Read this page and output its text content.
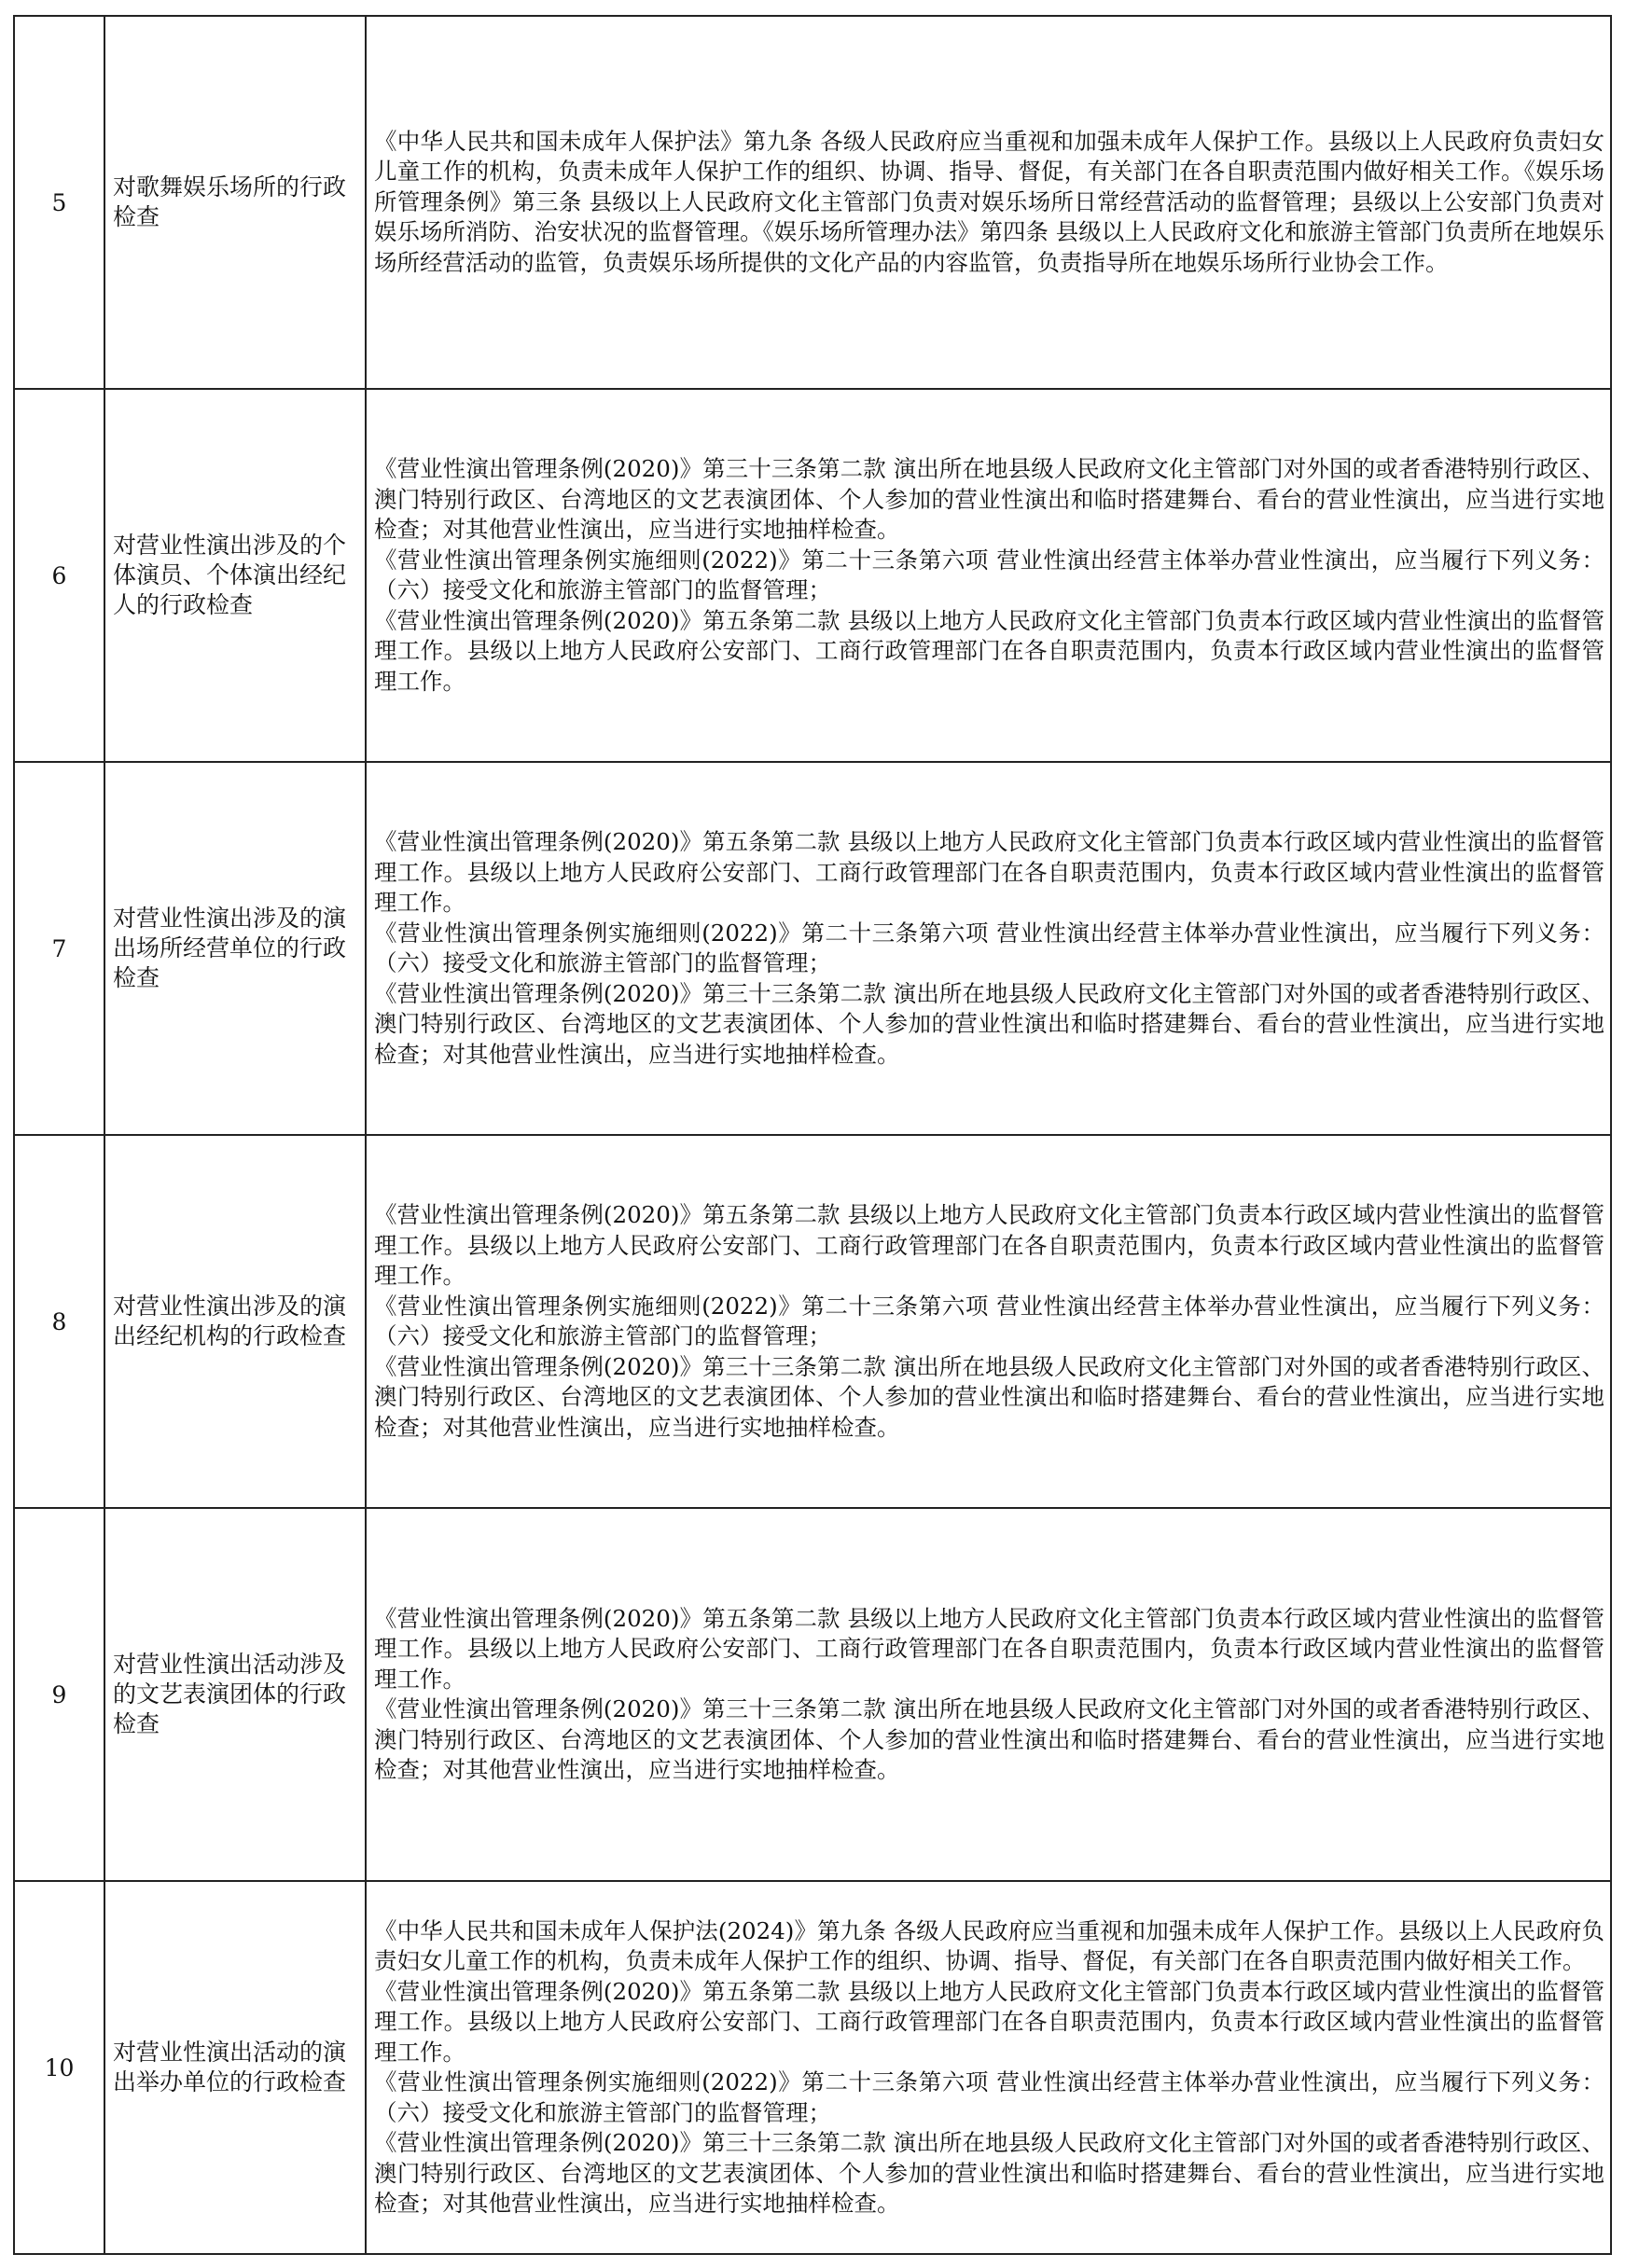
5	对歌舞娱乐场所的行政检查	《中华人民共和国未成年人保护法》第九条 各级人民政府应当重视和加强未成年人保护工作。县级以上人民政府负责妇女儿童工作的机构，负责未成年人保护工作的组织、协调、指导、督促，有关部门在各自职责范围内做好相关工作。《娱乐场所管理条例》第三条 县级以上人民政府文化主管部门负责对娱乐场所日常经营活动的监督管理；县级以上公安部门负责对娱乐场所消防、治安状况的监督管理。《娱乐场所管理办法》第四条 县级以上人民政府文化和旅游主管部门负责所在地娱乐场所经营活动的监管，负责娱乐场所提供的文化产品的内容监管，负责指导所在地娱乐场所行业协会工作。

6	对营业性演出涉及的个体演员、个体演出经纪人的行政检查	《营业性演出管理条例(2020)》第三十三条第二款 演出所在地县级人民政府文化主管部门对外国的或者香港特别行政区、澳门特别行政区、台湾地区的文艺表演团体、个人参加的营业性演出和临时搭建舞台、看台的营业性演出，应当进行实地检查；对其他营业性演出，应当进行实地抽样检查。
《营业性演出管理条例实施细则(2022)》第二十三条第六项 营业性演出经营主体举办营业性演出，应当履行下列义务：（六）接受文化和旅游主管部门的监督管理；
《营业性演出管理条例(2020)》第五条第二款 县级以上地方人民政府文化主管部门负责本行政区域内营业性演出的监督管理工作。县级以上地方人民政府公安部门、工商行政管理部门在各自职责范围内，负责本行政区域内营业性演出的监督管理工作。

7	对营业性演出涉及的演出场所经营单位的行政检查	《营业性演出管理条例(2020)》第五条第二款 县级以上地方人民政府文化主管部门负责本行政区域内营业性演出的监督管理工作。县级以上地方人民政府公安部门、工商行政管理部门在各自职责范围内，负责本行政区域内营业性演出的监督管理工作。
《营业性演出管理条例实施细则(2022)》第二十三条第六项 营业性演出经营主体举办营业性演出，应当履行下列义务：（六）接受文化和旅游主管部门的监督管理；
《营业性演出管理条例(2020)》第三十三条第二款 演出所在地县级人民政府文化主管部门对外国的或者香港特别行政区、澳门特别行政区、台湾地区的文艺表演团体、个人参加的营业性演出和临时搭建舞台、看台的营业性演出，应当进行实地检查；对其他营业性演出，应当进行实地抽样检查。

8	对营业性演出涉及的演出经纪机构的行政检查	《营业性演出管理条例(2020)》第五条第二款 县级以上地方人民政府文化主管部门负责本行政区域内营业性演出的监督管理工作。县级以上地方人民政府公安部门、工商行政管理部门在各自职责范围内，负责本行政区域内营业性演出的监督管理工作。
《营业性演出管理条例实施细则(2022)》第二十三条第六项 营业性演出经营主体举办营业性演出，应当履行下列义务：（六）接受文化和旅游主管部门的监督管理；
《营业性演出管理条例(2020)》第三十三条第二款 演出所在地县级人民政府文化主管部门对外国的或者香港特别行政区、澳门特别行政区、台湾地区的文艺表演团体、个人参加的营业性演出和临时搭建舞台、看台的营业性演出，应当进行实地检查；对其他营业性演出，应当进行实地抽样检查。

9	对营业性演出活动涉及的文艺表演团体的行政检查	《营业性演出管理条例(2020)》第五条第二款 县级以上地方人民政府文化主管部门负责本行政区域内营业性演出的监督管理工作。县级以上地方人民政府公安部门、工商行政管理部门在各自职责范围内，负责本行政区域内营业性演出的监督管理工作。
《营业性演出管理条例(2020)》第三十三条第二款 演出所在地县级人民政府文化主管部门对外国的或者香港特别行政区、澳门特别行政区、台湾地区的文艺表演团体、个人参加的营业性演出和临时搭建舞台、看台的营业性演出，应当进行实地检查；对其他营业性演出，应当进行实地抽样检查。

10	对营业性演出活动的演出举办单位的行政检查	《中华人民共和国未成年人保护法(2024)》第九条 各级人民政府应当重视和加强未成年人保护工作。县级以上人民政府负责妇女儿童工作的机构，负责未成年人保护工作的组织、协调、指导、督促，有关部门在各自职责范围内做好相关工作。
《营业性演出管理条例(2020)》第五条第二款 县级以上地方人民政府文化主管部门负责本行政区域内营业性演出的监督管理工作。县级以上地方人民政府公安部门、工商行政管理部门在各自职责范围内，负责本行政区域内营业性演出的监督管理工作。
《营业性演出管理条例实施细则(2022)》第二十三条第六项 营业性演出经营主体举办营业性演出，应当履行下列义务：（六）接受文化和旅游主管部门的监督管理；
《营业性演出管理条例(2020)》第三十三条第二款 演出所在地县级人民政府文化主管部门对外国的或者香港特别行政区、澳门特别行政区、台湾地区的文艺表演团体、个人参加的营业性演出和临时搭建舞台、看台的营业性演出，应当进行实地检查；对其他营业性演出，应当进行实地抽样检查。
